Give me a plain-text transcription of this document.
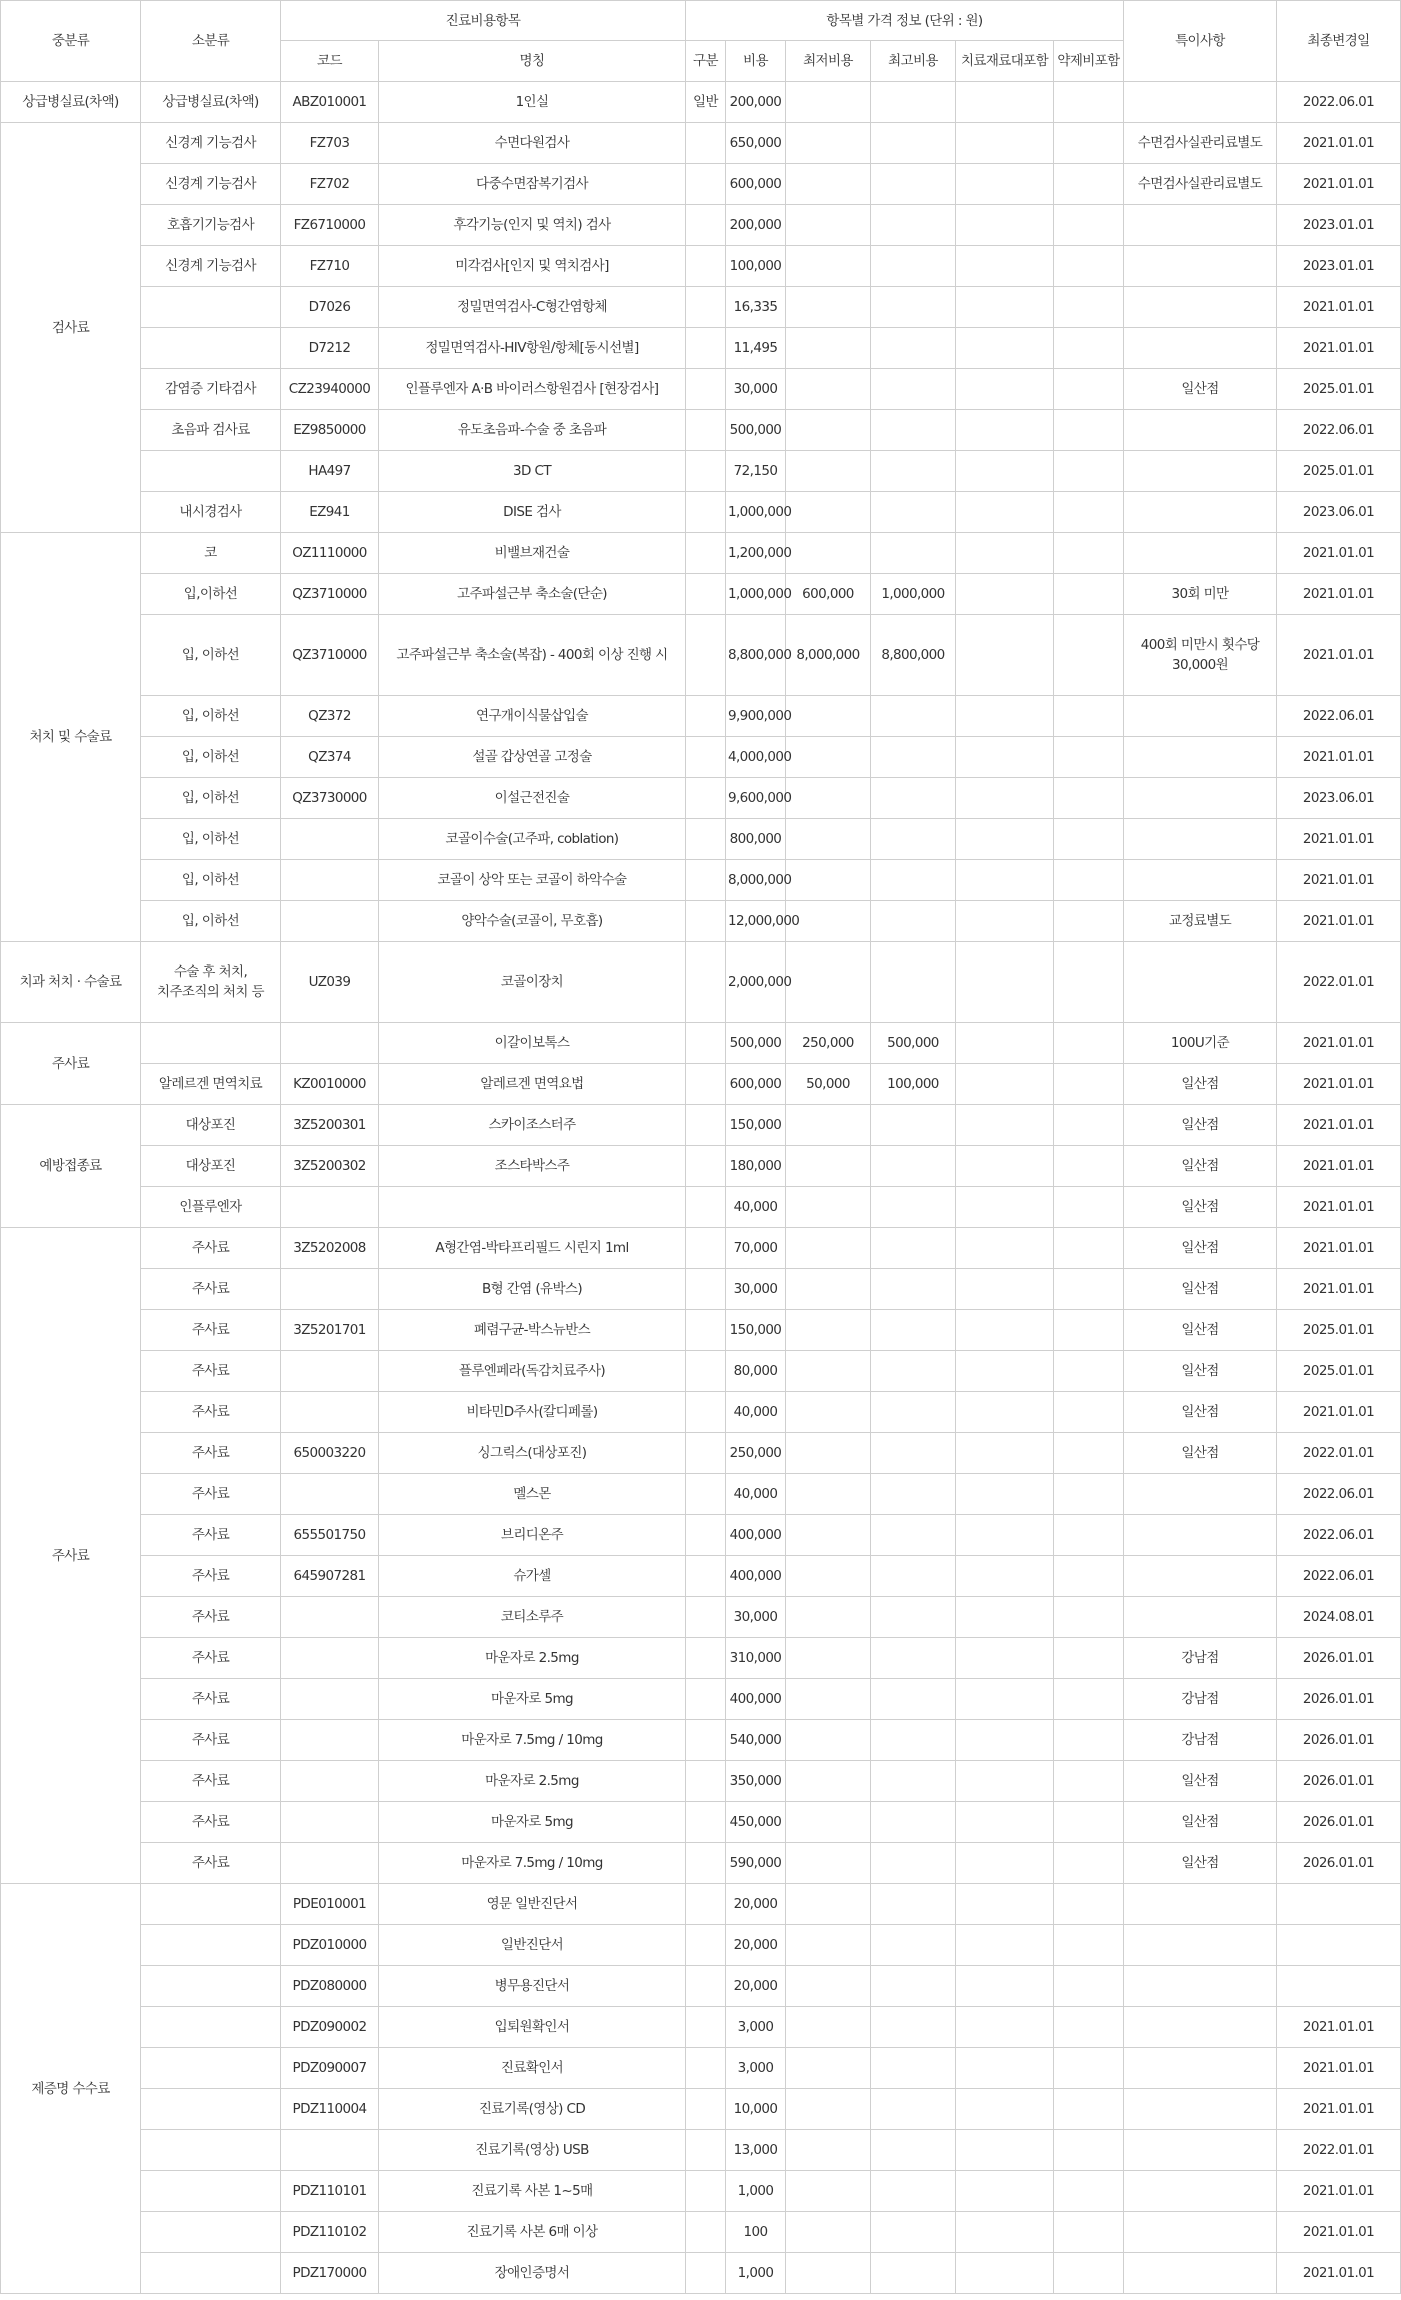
중분류	소분류	진료비용항목		항목별 가격 정보 (단위 : 원)						특이사항	최종변경일
		코드	명칭	구분	비용	최저비용	최고비용	치료재료대포함	약제비포함		
상급병실료(차액)	상급병실료(차액)	ABZ010001	1인실	일반	200,000						2022.06.01
검사료	신경계 기능검사	FZ703	수면다원검사		650,000					수면검사실관리료별도	2021.01.01
	신경계 기능검사	FZ702	다중수면잠복기검사		600,000					수면검사실관리료별도	2021.01.01
	호흡기기능검사	FZ6710000	후각기능(인지 및 역치) 검사		200,000						2023.01.01
	신경계 기능검사	FZ710	미각검사[인지 및 역치검사]		100,000						2023.01.01
		D7026	정밀면역검사-C형간염항체		16,335						2021.01.01
		D7212	정밀면역검사-HIV항원/항체[동시선별]		11,495						2021.01.01
	감염증 기타검사	CZ23940000	인플루엔자 A·B 바이러스항원검사 [현장검사]		30,000					일산점	2025.01.01
	초음파 검사료	EZ9850000	유도초음파-수술 중 초음파		500,000						2022.06.01
		HA497	3D CT		72,150						2025.01.01
	내시경검사	EZ941	DISE 검사		1,000,000						2023.06.01
처치 및 수술료	코	OZ1110000	비밸브재건술		1,200,000						2021.01.01
	입,이하선	QZ3710000	고주파설근부 축소술(단순)		1,000,000	600,000	1,000,000			30회 미만	2021.01.01
	입, 이하선	QZ3710000	고주파설근부 축소술(복잡) - 400회 이상 진행 시		8,800,000	8,000,000	8,800,000			400회 미만시 횟수당 30,000원	2021.01.01
	입, 이하선	QZ372	연구개이식물삽입술		9,900,000						2022.06.01
	입, 이하선	QZ374	설골 갑상연골 고정술		4,000,000						2021.01.01
	입, 이하선	QZ3730000	이설근전진술		9,600,000						2023.06.01
	입, 이하선		코골이수술(고주파, coblation)		800,000						2021.01.01
	입, 이하선		코골이 상악 또는 코골이 하악수술		8,000,000						2021.01.01
	입, 이하선		양악수술(코골이, 무호흡)		12,000,000					교정료별도	2021.01.01
치과 처치 · 수술료	수술 후 처치, 치주조직의 처치 등	UZ039	코골이장치		2,000,000						2022.01.01
주사료			이갈이보톡스		500,000	250,000	500,000			100U기준	2021.01.01
	알레르겐 면역치료	KZ0010000	알레르겐 면역요법		600,000	50,000	100,000			일산점	2021.01.01
예방접종료	대상포진	3Z5200301	스카이조스터주		150,000					일산점	2021.01.01
	대상포진	3Z5200302	조스타박스주		180,000					일산점	2021.01.01
	인플루엔자				40,000					일산점	2021.01.01
주사료	주사료	3Z5202008	A형간염-박타프리필드 시린지 1ml		70,000					일산점	2021.01.01
	주사료		B형 간염 (유박스)		30,000					일산점	2021.01.01
	주사료	3Z5201701	폐렴구균-박스뉴반스		150,000					일산점	2025.01.01
	주사료		플루엔페라(독감치료주사)		80,000					일산점	2025.01.01
	주사료		비타민D주사(칼디페롤)		40,000					일산점	2021.01.01
	주사료	650003220	싱그릭스(대상포진)		250,000					일산점	2022.01.01
	주사료		멜스몬		40,000						2022.06.01
	주사료	655501750	브리디온주		400,000						2022.06.01
	주사료	645907281	슈가셀		400,000						2022.06.01
	주사료		코티소루주		30,000						2024.08.01
	주사료		마운자로 2.5mg		310,000					강남점	2026.01.01
	주사료		마운자로 5mg		400,000					강남점	2026.01.01
	주사료		마운자로 7.5mg / 10mg		540,000					강남점	2026.01.01
	주사료		마운자로 2.5mg		350,000					일산점	2026.01.01
	주사료		마운자로 5mg		450,000					일산점	2026.01.01
	주사료		마운자로 7.5mg / 10mg		590,000					일산점	2026.01.01
제증명 수수료		PDE010001	영문 일반진단서		20,000						
		PDZ010000	일반진단서		20,000						
		PDZ080000	병무용진단서		20,000						
		PDZ090002	입퇴원확인서		3,000						2021.01.01
		PDZ090007	진료확인서		3,000						2021.01.01
		PDZ110004	진료기록(영상) CD		10,000						2021.01.01
			진료기록(영상) USB		13,000						2022.01.01
		PDZ110101	진료기록 사본 1~5매		1,000						2021.01.01
		PDZ110102	진료기록 사본 6매 이상		100						2021.01.01
		PDZ170000	장애인증명서		1,000						2021.01.01
